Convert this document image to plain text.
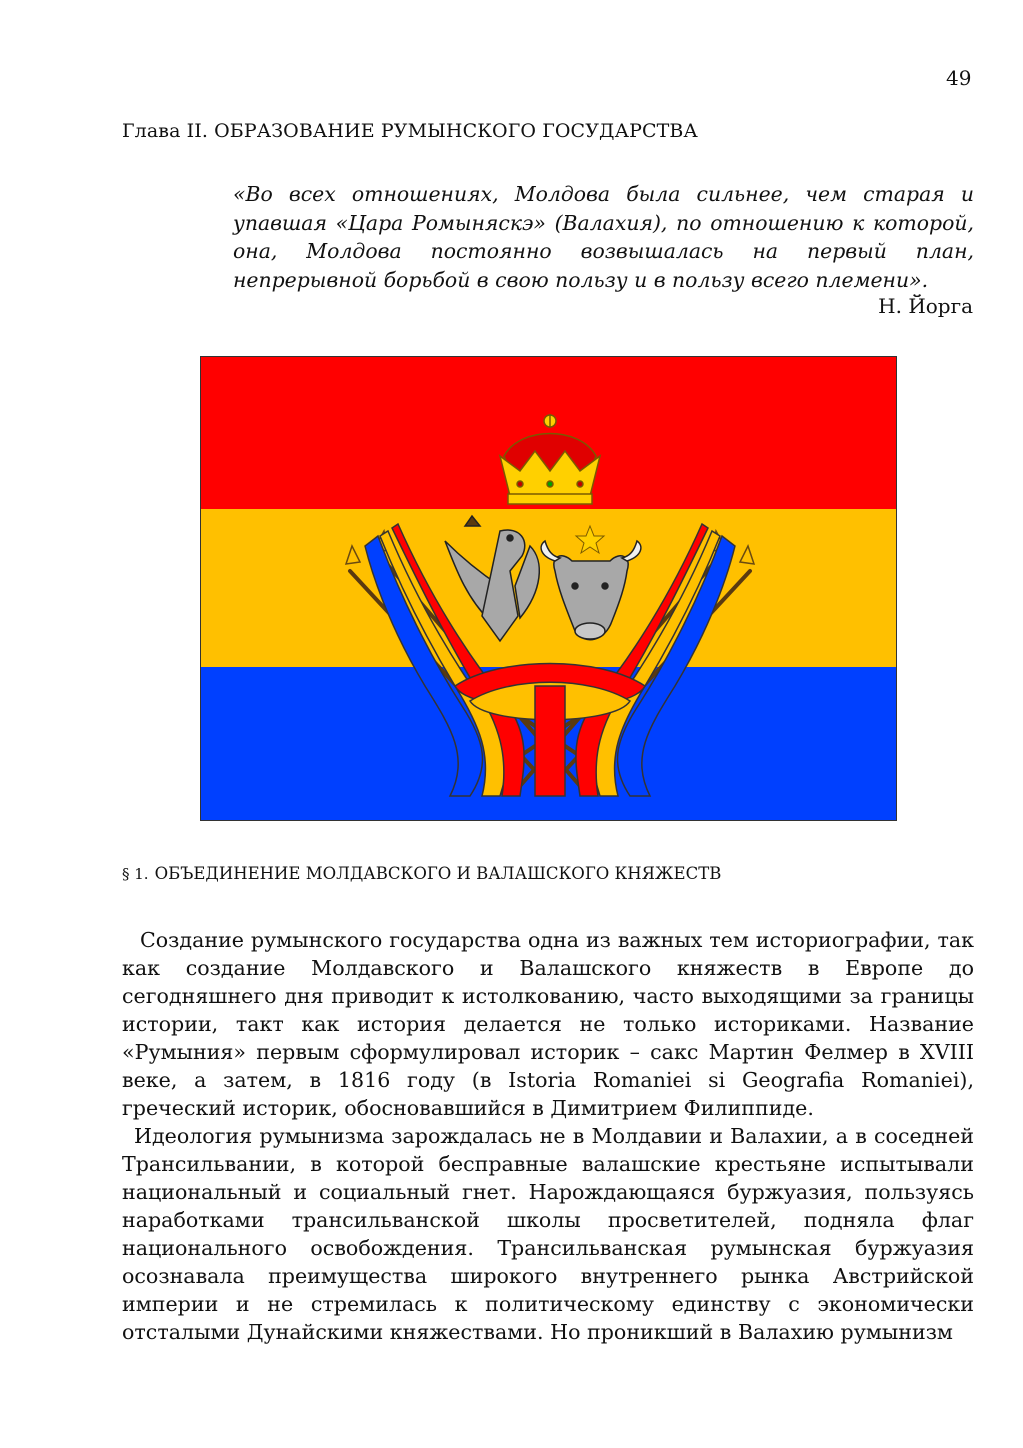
49
Глава II. ОБРАЗОВАНИЕ РУМЫНСКОГО ГОСУДАРСТВА
«Во всех отношениях, Молдова была сильнее, чем старая и упавшая «Цара Ромыняскэ» (Валахия), по отношению к которой, она, Молдова постоянно возвышалась на первый план, непрерывной борьбой в свою пользу и в пользу всего племени».
Н. Йорга
§ 1. ОБЪЕДИНЕНИЕ МОЛДАВСКОГО И ВАЛАШСКОГО КНЯЖЕСТВ
Создание румынского государства одна из важных тем историографии, так как создание Молдавского и Валашского княжеств в Европе до сегодняшнего дня приводит к истолкованию, часто выходящими за границы истории, такт как история делается не только историками. Название «Румыния» первым сформулировал историк – сакс Мартин Фелмер в XVIII веке, а затем, в 1816 году (в Istoria Romaniei si Geografia Romaniei), греческий историк, обосновавшийся в Димитрием Филиппиде.
Идеология румынизма зарождалась не в Молдавии и Валахии, а в соседней Трансильвании, в которой бесправные валашские крестьяне испытывали национальный и социальный гнет. Нарождающаяся буржуазия, пользуясь наработками трансильванской школы просветителей, подняла флаг национального освобождения. Трансильванская румынская буржуазия осознавала преимущества широкого внутреннего рынка Австрийской империи и не стремилась к политическому единству с экономически отсталыми Дунайскими княжествами. Но проникший в Валахию румынизм
